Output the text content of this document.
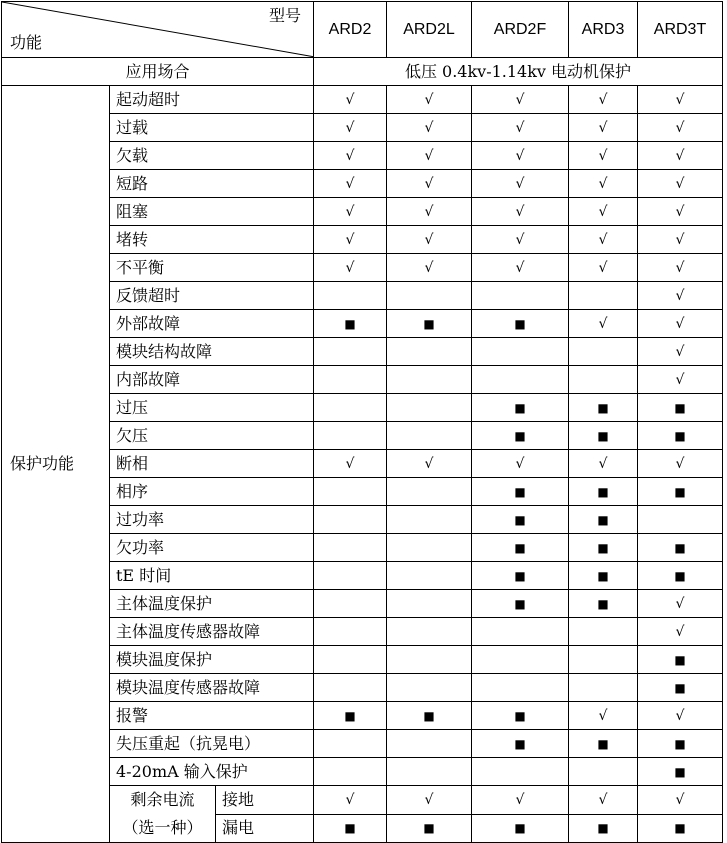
型号
功能			ARD2	ARD2L	ARD2F	ARD3	ARD3T
应用场合			低压 0.4kv-1.14kv 电动机保护				
保护功能	起动超时		√	√	√	√	√
	过载		√	√	√	√	√
	欠载		√	√	√	√	√
	短路		√	√	√	√	√
	阻塞		√	√	√	√	√
	堵转		√	√	√	√	√
	不平衡		√	√	√	√	√
	反馈超时						√
	外部故障		■	■	■	√	√
	模块结构故障						√
	内部故障						√
	过压				■	■	■
	欠压				■	■	■
	断相		√	√	√	√	√
	相序				■	■	■
	过功率				■	■	
	欠功率				■	■	■
	tE 时间				■	■	■
	主体温度保护				■	■	√
	主体温度传感器故障						√
	模块温度保护						■
	模块温度传感器故障						■
	报警		■	■	■	√	√
	失压重起（抗晃电）				■	■	■
	4-20mA 输入保护						■

	剩余电流
（选一种）	接地	√	√	√	√	√
		漏电	■	■	■	■	■
